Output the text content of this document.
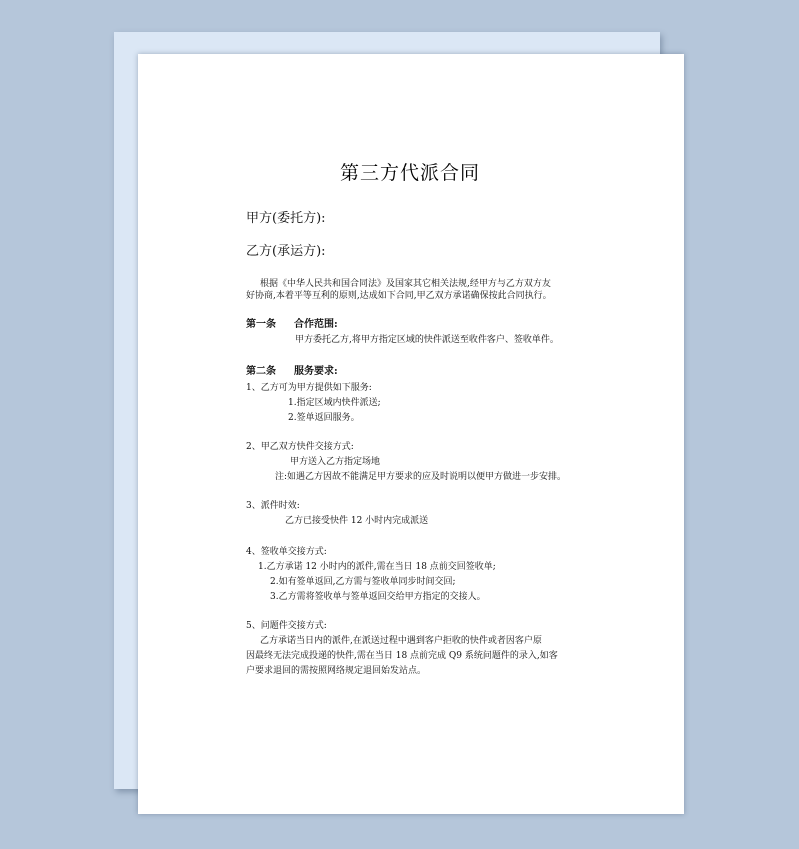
第三方代派合同
甲方(委托方):
乙方(承运方):
根据《中华人民共和国合同法》及国家其它相关法规,经甲方与乙方双方友
好协商,本着平等互利的原则,达成如下合同,甲乙双方承诺确保按此合同执行。
第一条 合作范围:
甲方委托乙方,将甲方指定区域的快件派送至收件客户、签收单件。
第二条 服务要求:
1、乙方可为甲方提供如下服务:
1.指定区域内快件派送;
2.签单返回服务。
2、甲乙双方快件交接方式:
甲方送入乙方指定场地
注:如遇乙方因故不能满足甲方要求的应及时说明以便甲方做进一步安排。
3、派件时效:
乙方已接受快件 12 小时内完成派送
4、签收单交接方式:
1.乙方承诺 12 小时内的派件,需在当日 18 点前交回签收单;
2.如有签单返回,乙方需与签收单同步时间交回;
3.乙方需将签收单与签单返回交给甲方指定的交接人。
5、问题件交接方式:
乙方承诺当日内的派件,在派送过程中遇到客户拒收的快件或者因客户原
因最终无法完成投递的快件,需在当日 18 点前完成 Q9 系统问题件的录入,如客
户要求退回的需按照网络规定退回始发站点。
